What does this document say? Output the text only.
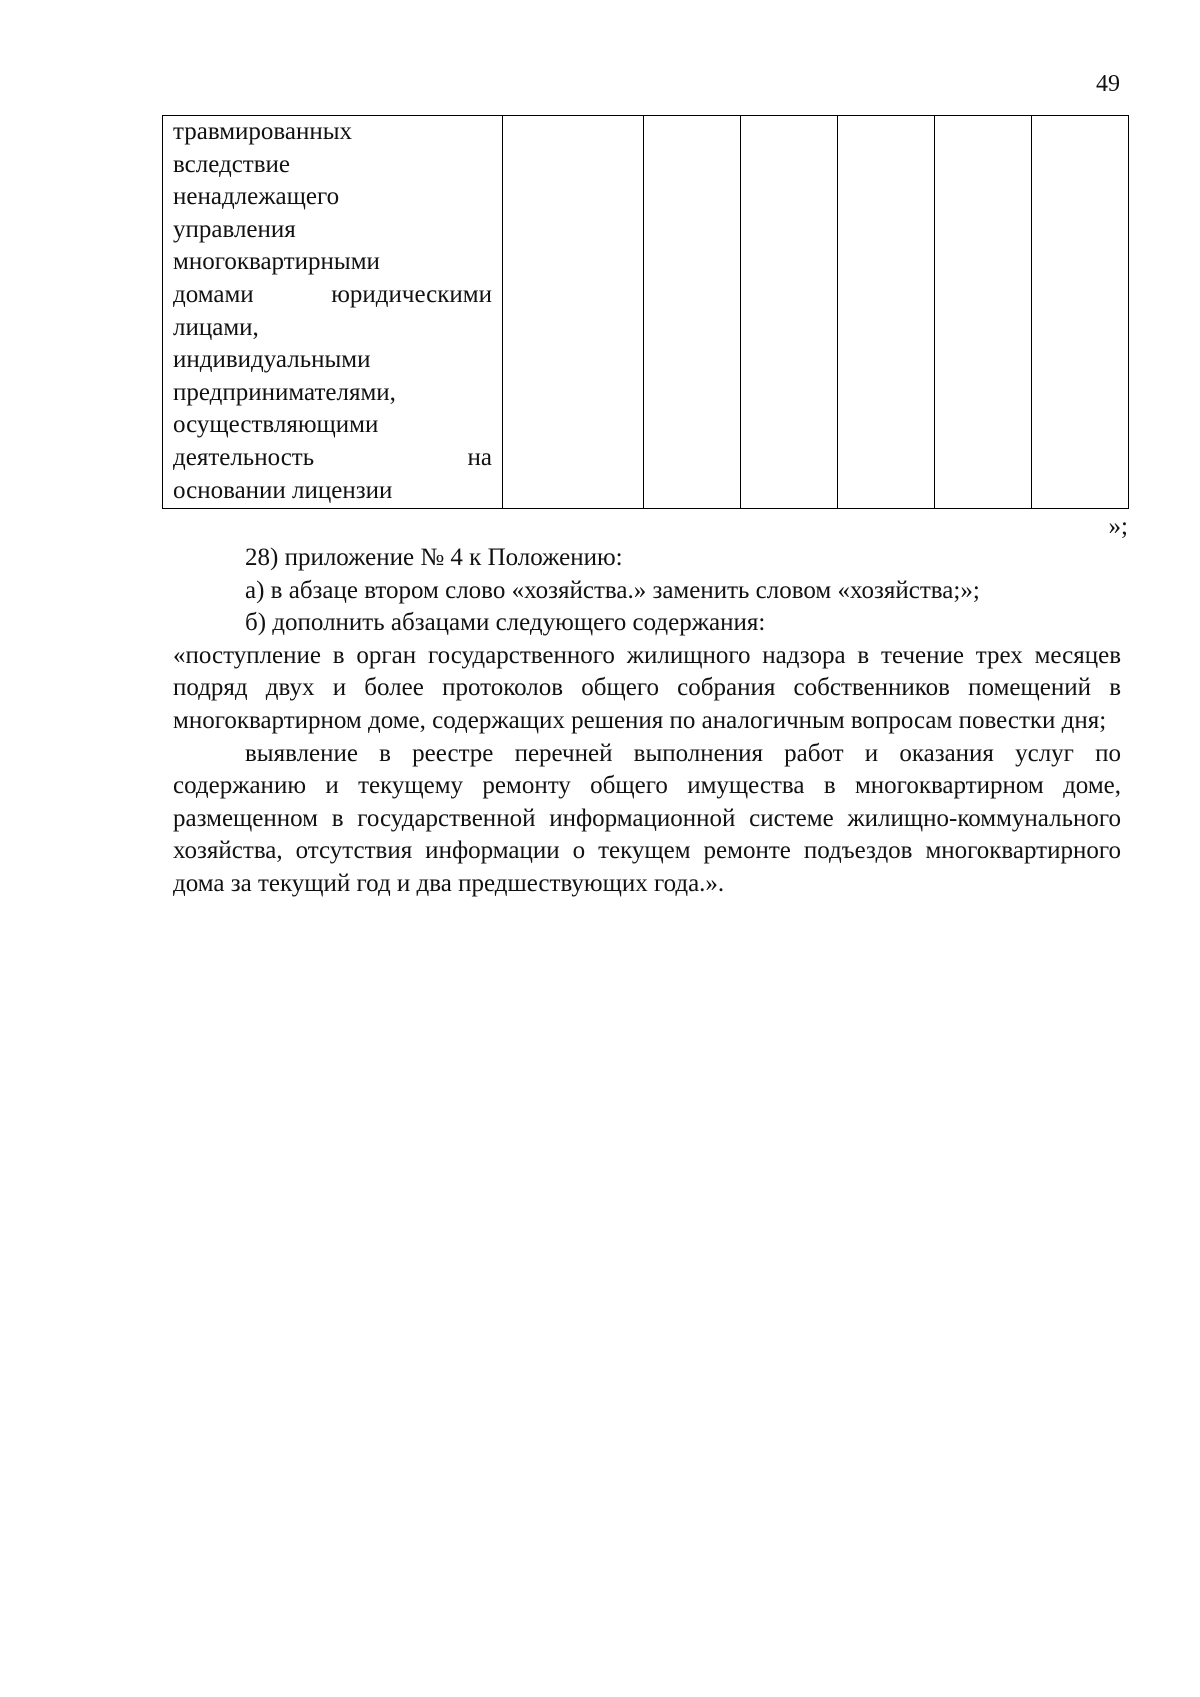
49
травмированных
вследствие
ненадлежащего
управления
многоквартирными
домами юридическими
лицами,
индивидуальными
предпринимателями,
осуществляющими
деятельность на
основании лицензии

»;

28) приложение № 4 к Положению:

а) в абзаце втором слово «хозяйства.» заменить словом «хозяйства;»;

б) дополнить абзацами следующего содержания:

«поступление в орган государственного жилищного надзора в течение трех месяцев подряд двух и более протоколов общего собрания собственников помещений в многоквартирном доме, содержащих решения по аналогичным вопросам повестки дня;

выявление в реестре перечней выполнения работ и оказания услуг по содержанию и текущему ремонту общего имущества в многоквартирном доме, размещенном в государственной информационной системе жилищно-коммунального хозяйства, отсутствия информации о текущем ремонте подъездов многоквартирного дома за текущий год и два предшествующих года.».
